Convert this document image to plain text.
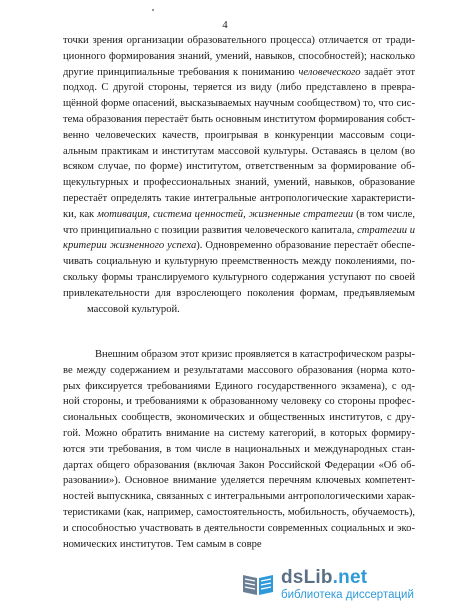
4
точки зрения организации образовательного процесса) отличается от тради-
ционного формирования знаний, умений, навыков, способностей); насколько
другие принципиальные требования к пониманию человеческого задаёт этот
подход. С другой стороны, теряется из виду (либо представлено в превра-
щённой форме опасений, высказываемых научным сообществом) то, что сис-
тема образования перестаёт быть основным институтом формирования собст-
венно человеческих качеств, проигрывая в конкуренции массовым соци-
альным практикам и институтам массовой культуры. Оставаясь в целом (во
всяком случае, по форме) институтом, ответственным за формирование об-
щекультурных и профессиональных знаний, умений, навыков, образование
перестаёт определять такие интегральные антропологические характеристи-
ки, как мотивация, система ценностей, жизненные стратегии (в том числе,
что принципиально с позиции развития человеческого капитала, стратегии и
критерии жизненного успеха). Одновременно образование перестаёт обеспе-
чивать социальную и культурную преемственность между поколениями, по-
скольку формы транслируемого культурного содержания уступают по своей
привлекательности для взрослеющего поколения формам, предъявляемым
массовой культурой.
Внешним образом этот кризис проявляется в катастрофическом разры-
ве между содержанием и результатами массового образования (норма кото-
рых фиксируется требованиями Единого государственного экзамена), с од-
ной стороны, и требованиями к образованному человеку со стороны профес-
сиональных сообществ, экономических и общественных институтов, с дру-
гой. Можно обратить внимание на систему категорий, в которых формиру-
ются эти требования, в том числе в национальных и международных стан-
дартах общего образования (включая Закон Российской Федерации «Об об-
разовании»). Основное внимание уделяется перечням ключевых компетент-
ностей выпускника, связанных с интегральными антропологическими харак-
теристиками (как, например, самостоятельность, мобильность, обучаемость),
и способностью участвовать в деятельности современных социальных и эко-
номических институтов. Тем самым в совре
dsLib.net
библиотека диссертаций
